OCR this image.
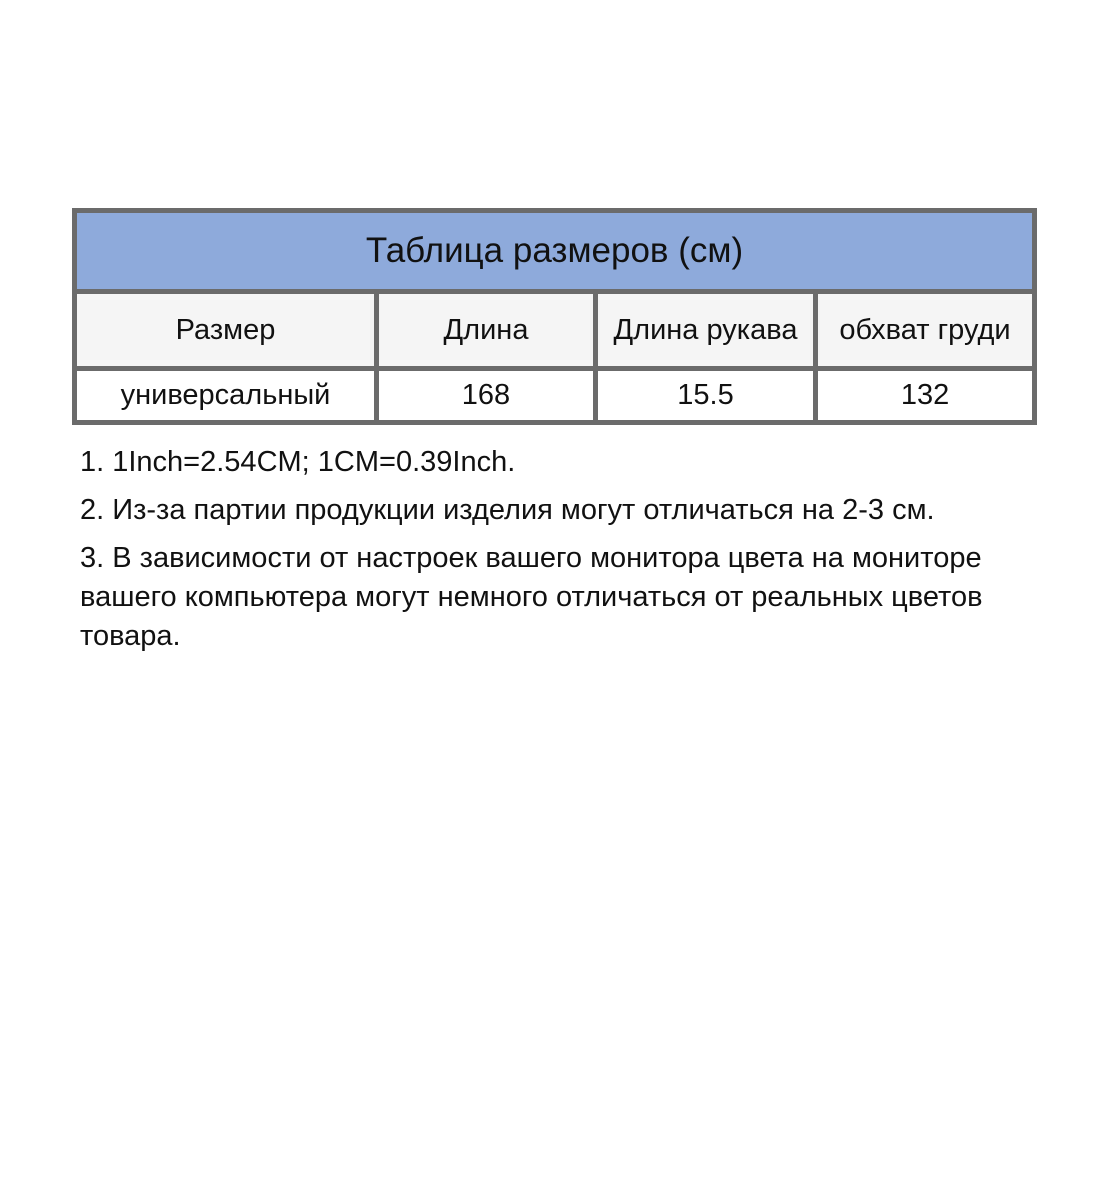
Таблица размеров (см)			
Размер	Длина	Длина рукава	обхват груди
универсальный	168	15.5	132

1. 1Inch=2.54CM; 1CM=0.39Inch.

2. Из-за партии продукции изделия могут отличаться на 2-3 см.

3. В зависимости от настроек вашего монитора цвета на мониторе вашего компьютера могут немного отличаться от реальных цветов товара.
